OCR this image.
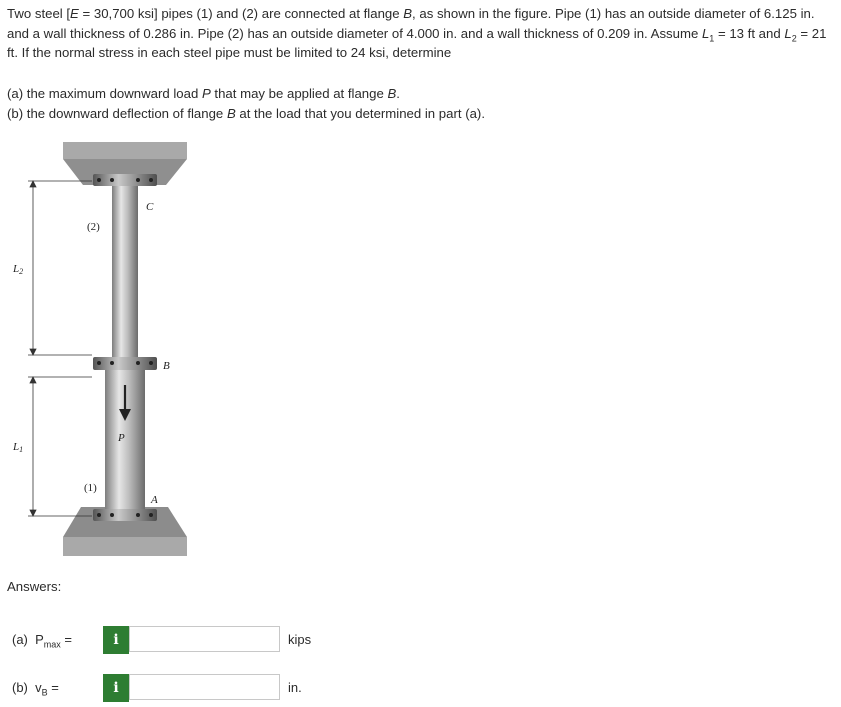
Two steel [E = 30,700 ksi] pipes (1) and (2) are connected at flange B, as shown in the figure. Pipe (1) has an outside diameter of 6.125 in. and a wall thickness of 0.286 in. Pipe (2) has an outside diameter of 4.000 in. and a wall thickness of 0.209 in. Assume $L_1 = 13$ ft and $L_2 = 21$ ft. If the normal stress in each steel pipe must be limited to 24 ksi, determine

(a) the maximum downward load P that may be applied at flange B.

(b) the downward deflection of flange B at the load that you determined in part (a).

C
(2)
L2
B
P
L1
(1)
A
Answers:
(a)  $P_{max}$ =	i	kips
(b)  $v_B$ =	i	in.
